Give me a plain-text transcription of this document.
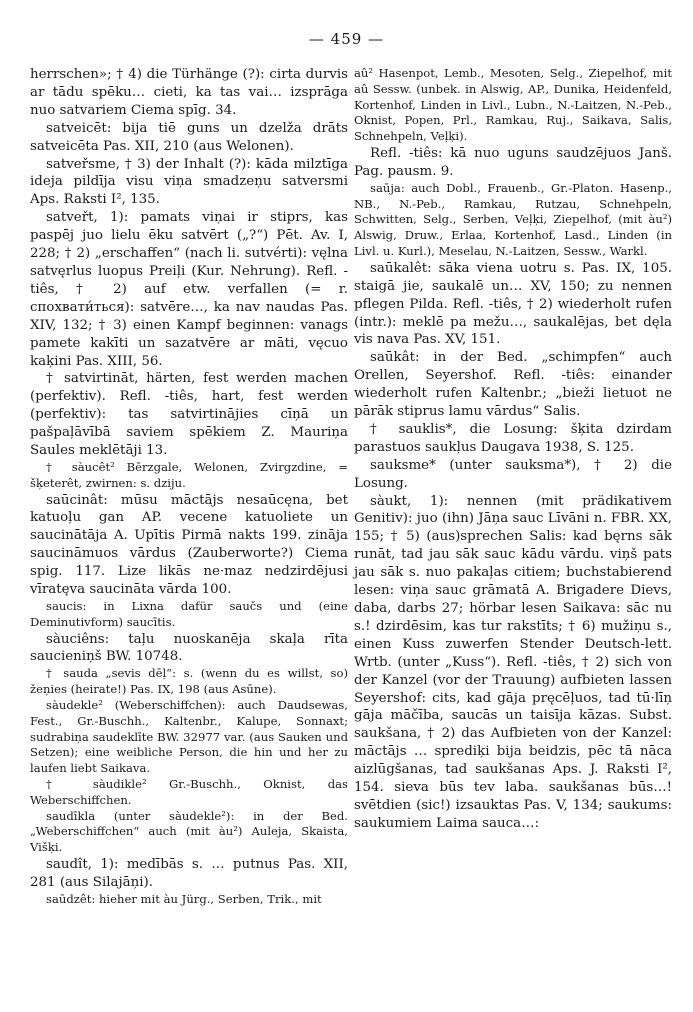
— 459 —

herrschen»; † 4) die Türhänge (?): cirta durvis ar tādu spēku… cieti, ka tas vai… izsprāga nuo satvariem Ciema spīg. 34.

satveicēt: bija tiē guns un dzelža drāts satveicēta Pas. XII, 210 (aus Welonen).

satveřsme, † 3) der Inhalt (?): kāda milztīga ideja pildīja visu viņa smadzeņu satversmi Aps. Raksti I², 135.

satveřt, 1): pamats viņai ir stiprs, kas paspēj juo lielu ēku satvērt („?“) Pēt. Av. I, 228; † 2) „erschaffen“ (nach li. sutvérti): vęlna satvęrlus luopus Preiļi (Kur. Nehrung). Refl. -tiês, † 2) auf etw. verfallen (= r. спохвати́ться): satvēre…, ka nav naudas Pas. XIV, 132; † 3) einen Kampf beginnen: vanags pamete kakīti un sazatvēre ar māti, vęcuo kaķini Pas. XIII, 56.

† satvirtināt, härten, fest werden machen (perfektiv). Refl. -tiês, hart, fest werden (perfektiv): tas satvirtinājies cīņā un pašpaļāvībā saviem spēkiem Z. Mauriņa Saules meklētāji 13.

† sàucêt² Bērzgale, Welonen, Zvirgzdine, = šķeterêt, zwirnen: s. dziju.

saūcinât: mūsu māctājs nesaūcęna, bet katuoļu gan AP. vecene katuoliete un saucinātāja A. Upītis Pirmā nakts 199. zināja saucināmuos vārdus (Zauberworte?) Ciema spig. 117. Lize likās ne·maz nedzirdējusi vīratęva saucināta vārda 100.

saucis: in Lixna dafür saučs und (eine Deminutivform) saucītis.

sàuciêns: taļu nuoskanēja skaļa rīta saucieniņš BW. 10748.

† sauda „sevis dēļ“: s. (wenn du es willst, so) žeņies (heirate!) Pas. IX, 198 (aus Asūne).

sàudekle² (Weberschiffchen): auch Daudsewas, Fest., Gr.-Buschh., Kaltenbr., Kalupe, Sonnaxt; sudrabiņa saudeklīte BW. 32977 var. (aus Sauken und Setzen); eine weibliche Person, die hin und her zu laufen liebt Saikava.

† sàudikle² Gr.-Buschh., Oknist, das Weberschiffchen.

saudīkla (unter sàudekle²): in der Bed. „Weberschiffchen“ auch (mit àu²) Auleja, Skaista, Višķi.

saudît, 1): medībās s. … putnus Pas. XII, 281 (aus Silajāņi).

saūdzêt: hieher mit àu Jürg., Serben, Trik., mit

aû² Hasenpot, Lemb., Mesoten, Selg., Ziepelhof, mit aû Sessw. (unbek. in Alswig, AP., Dunika, Heidenfeld, Kortenhof, Linden in Livl., Lubn., N.-Laitzen, N.-Peb., Oknist, Popen, Prl., Ramkau, Ruj., Saikava, Salis, Schnehpeln, Veļķi).

Refl. -tiês: kā nuo uguns saudzējuos Janš. Pag. pausm. 9.

saūja: auch Dobl., Frauenb., Gr.-Platon. Hasenp., NB., N.-Peb., Ramkau, Rutzau, Schnehpeln, Schwitten, Selg., Serben, Veļķi, Ziepelhof, (mit àu²) Alswig, Druw., Erlaa, Kortenhof, Lasd., Linden (in Livl. u. Kurl.), Meselau, N.-Laitzen, Sessw., Warkl.

saūkalêt: sāka viena uotru s. Pas. IX, 105. staigā jie, saukalē un… XV, 150; zu nennen pflegen Pilda. Refl. -tiês, † 2) wiederholt rufen (intr.): meklē pa mežu…, saukalējas, bet dęla vis nava Pas. XV, 151.

saūkât: in der Bed. „schimpfen“ auch Orellen, Seyershof. Refl. -tiês: einander wiederholt rufen Kaltenbr.; „bieži lietuot ne pārāk stiprus lamu vārdus“ Salis.

† sauklis*, die Losung: šķita dzirdam parastuos saukļus Daugava 1938, S. 125.

sauksme* (unter sauksma*), † 2) die Losung.

sàukt, 1): nennen (mit prädikativem Genitiv): juo (ihn) Jāņa sauc Līvāni n. FBR. XX, 155; † 5) (aus)sprechen Salis: kad bęrns sāk runāt, tad jau sāk sauc kādu vārdu. viņš pats jau sāk s. nuo pakaļas citiem; buchstabierend lesen: viņa sauc grāmatā A. Brigadere Dievs, daba, darbs 27; hörbar lesen Saikava: sāc nu s.! dzirdēsim, kas tur rakstīts; † 6) mužiņu s., einen Kuss zuwerfen Stender Deutsch-lett. Wrtb. (unter „Kuss“). Refl. -tiês, † 2) sich von der Kanzel (vor der Trauung) aufbieten lassen Seyershof: cits, kad gāja pręcēļuos, tad tū·līņ gāja māčība, saucās un taisīja kāzas. Subst. saukšana, † 2) das Aufbieten von der Kanzel: māctājs … sprediķi bija beidzis, pēc tā nāca aizlūgšanas, tad saukšanas Aps. J. Raksti I², 154. sieva būs tev laba. saukšanas būs…! svētdien (sic!) izsauktas Pas. V, 134; saukums: saukumiem Laima sauca…:
